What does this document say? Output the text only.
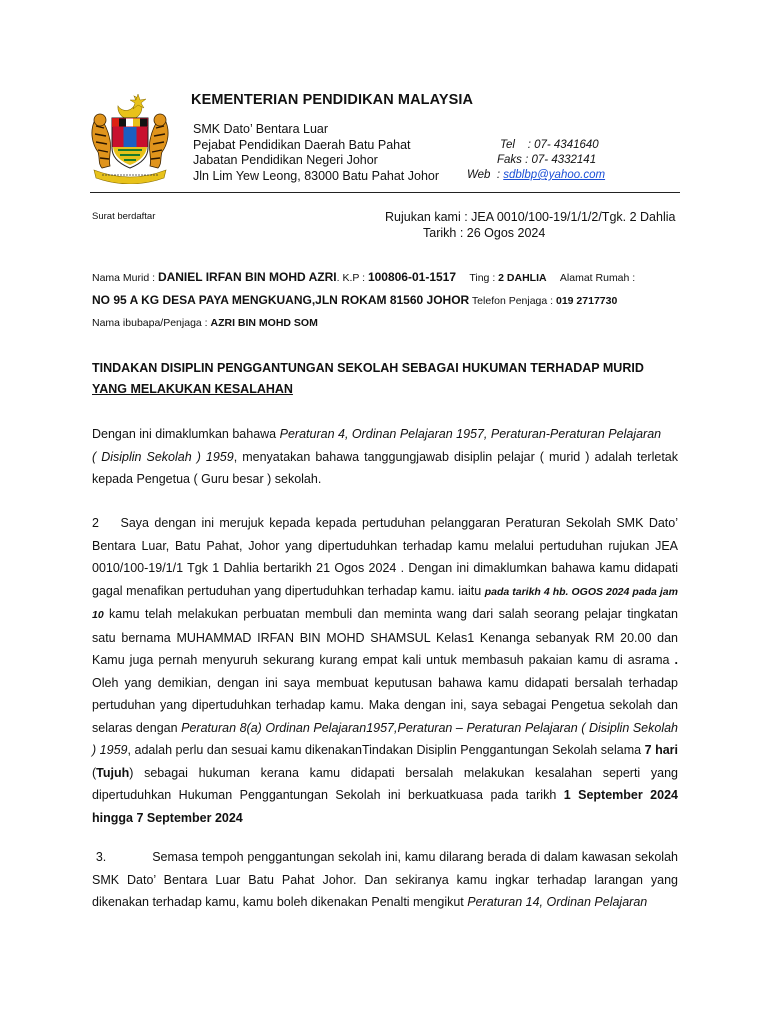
KEMENTERIAN PENDIDIKAN MALAYSIA
SMK Dato’ Bentara Luar
Pejabat Pendidikan Daerah Batu Pahat
Jabatan Pendidikan Negeri Johor
Jln Lim Yew Leong, 83000 Batu Pahat Johor
Tel : 07- 4341640
Faks : 07- 4332141
Web : sdblbp@yahoo.com
Surat berdaftar	Rujukan kami : JEA 0010/100-19/1/1/2/Tgk. 2 Dahlia
Tarikh : 26 Ogos 2024
Nama Murid : DANIEL IRFAN BIN MOHD AZRI. K.P : 100806-01-1517 Ting : 2 DAHLIA Alamat Rumah :
NO 95 A KG DESA PAYA MENGKUANG,JLN ROKAM 81560 JOHOR Telefon Penjaga : 019 2717730
Nama ibubapa/Penjaga : AZRI BIN MOHD SOM
TINDAKAN DISIPLIN PENGGANTUNGAN SEKOLAH SEBAGAI HUKUMAN TERHADAP MURID
YANG MELAKUKAN KESALAHAN
Dengan ini dimaklumkan bahawa Peraturan 4, Ordinan Pelajaran 1957, Peraturan-Peraturan Pelajaran
( Disiplin Sekolah ) 1959, menyatakan bahawa tanggungjawab disiplin pelajar ( murid ) adalah terletak kepada Pengetua ( Guru besar ) sekolah.
2 Saya dengan ini merujuk kepada kepada pertuduhan pelanggaran Peraturan Sekolah SMK Dato’ Bentara Luar, Batu Pahat, Johor yang dipertuduhkan terhadap kamu melalui pertuduhan rujukan JEA 0010/100-19/1/1 Tgk 1 Dahlia bertarikh 21 Ogos 2024 . Dengan ini dimaklumkan bahawa kamu didapati gagal menafikan pertuduhan yang dipertuduhkan terhadap kamu. iaitu pada tarikh 4 hb. OGOS 2024 pada jam 10 kamu telah melakukan perbuatan membuli dan meminta wang dari salah seorang pelajar tingkatan satu bernama MUHAMMAD IRFAN BIN MOHD SHAMSUL Kelas1 Kenanga sebanyak RM 20.00 dan Kamu juga pernah menyuruh sekurang kurang empat kali untuk membasuh pakaian kamu di asrama . Oleh yang demikian, dengan ini saya membuat keputusan bahawa kamu didapati bersalah terhadap pertuduhan yang dipertuduhkan terhadap kamu. Maka dengan ini, saya sebagai Pengetua sekolah dan selaras dengan Peraturan 8(a) Ordinan Pelajaran1957,Peraturan – Peraturan Pelajaran ( Disiplin Sekolah ) 1959, adalah perlu dan sesuai kamu dikenakanTindakan Disiplin Penggantungan Sekolah selama 7 hari (Tujuh) sebagai hukuman kerana kamu didapati bersalah melakukan kesalahan seperti yang dipertuduhkan Hukuman Penggantungan Sekolah ini berkuatkuasa pada tarikh 1 September 2024 hingga 7 September 2024
3.	Semasa tempoh penggantungan sekolah ini, kamu dilarang berada di dalam kawasan sekolah SMK Dato’ Bentara Luar Batu Pahat Johor. Dan sekiranya kamu ingkar terhadap larangan yang dikenakan terhadap kamu, kamu boleh dikenakan Penalti mengikut Peraturan 14, Ordinan Pelajaran
